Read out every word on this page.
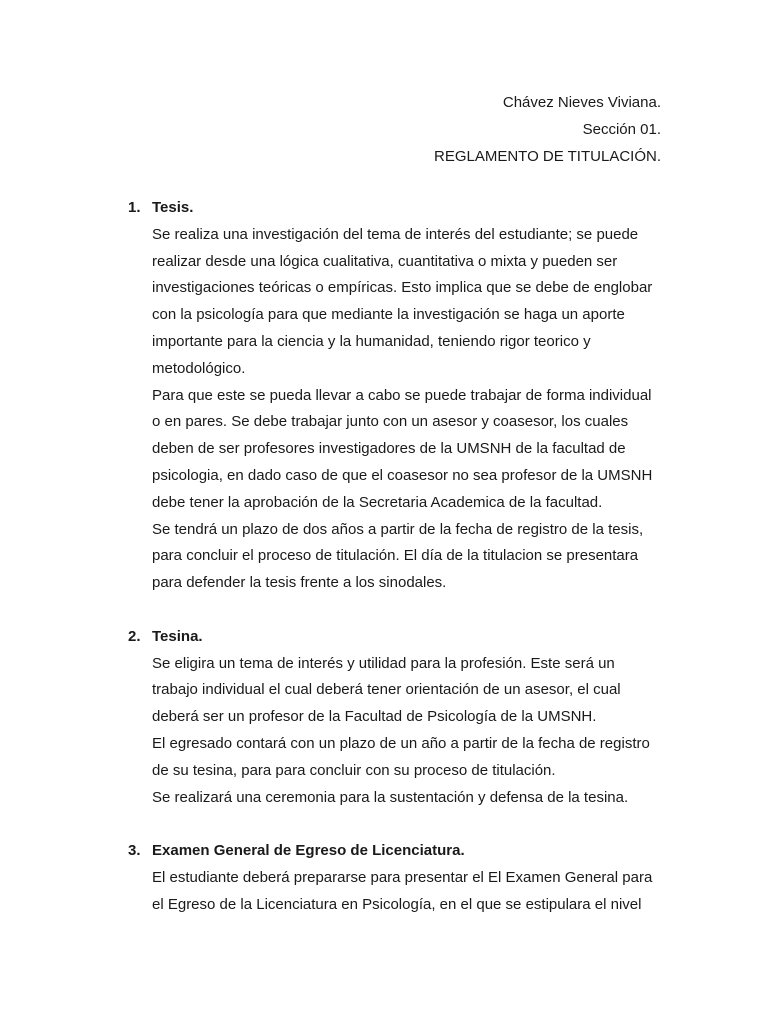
Chávez Nieves Viviana.
Sección 01.
REGLAMENTO DE TITULACIÓN.
1. Tesis.
Se realiza una investigación del tema de interés del estudiante; se puede
realizar desde una lógica cualitativa, cuantitativa o mixta y pueden ser
investigaciones teóricas o empíricas. Esto implica que se debe de englobar
con la psicología para que mediante la investigación se haga un aporte
importante para la ciencia y la humanidad, teniendo rigor teorico y
metodológico.
Para que este se pueda llevar a cabo se puede trabajar de forma individual
o en pares. Se debe trabajar junto con un asesor y coasesor, los cuales
deben de ser profesores investigadores de la UMSNH de la facultad de
psicologia, en dado caso de que el coasesor no sea profesor de la UMSNH
debe tener la aprobación de la Secretaria Academica de la facultad.
Se tendrá un plazo de dos años a partir de la fecha de registro de la tesis,
para concluir el proceso de titulación. El día de la titulacion se presentara
para defender la tesis frente a los sinodales.
2. Tesina.
Se eligira un tema de interés y utilidad para la profesión. Este será un
trabajo individual el cual deberá tener orientación de un asesor, el cual
deberá ser un profesor de la Facultad de Psicología de la UMSNH.
El egresado contará con un plazo de un año a partir de la fecha de registro
de su tesina, para para concluir con su proceso de titulación.
Se realizará una ceremonia para la sustentación y defensa de la tesina.
3. Examen General de Egreso de Licenciatura.
El estudiante deberá prepararse para presentar el El Examen General para
el Egreso de la Licenciatura en Psicología, en el que se estipulara el nivel
